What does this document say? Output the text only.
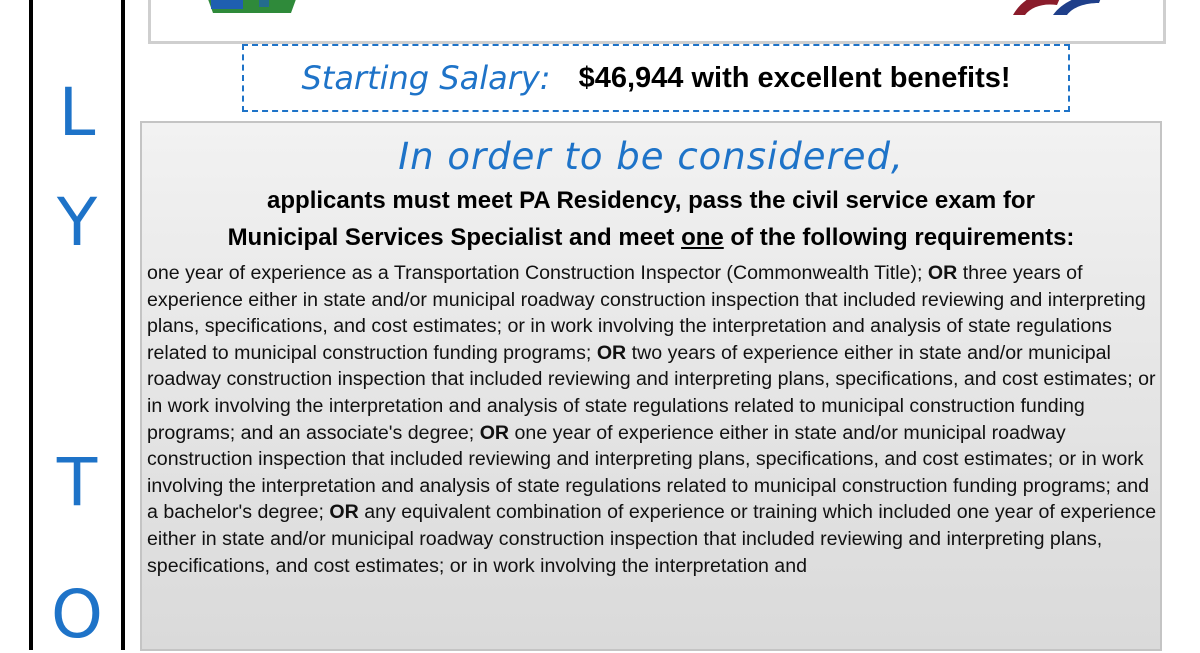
L
Y
T
O
Starting Salary: $46,944 with excellent benefits!
In order to be considered,
applicants must meet PA Residency, pass the civil service exam for
Municipal Services Specialist and meet one of the following requirements:
one year of experience as a Transportation Construction Inspector (Commonwealth Title); OR three years of experience either in state and/or municipal roadway construction inspection that included reviewing and interpreting plans, specifications, and cost estimates; or in work involving the interpretation and analysis of state regulations related to municipal construction funding programs; OR two years of experience either in state and/or municipal roadway construction inspection that included reviewing and interpreting plans, specifications, and cost estimates; or in work involving the interpretation and analysis of state regulations related to municipal construction funding programs; and an associate's degree; OR one year of experience either in state and/or municipal roadway construction inspection that included reviewing and interpreting plans, specifications, and cost estimates; or in work involving the interpretation and analysis of state regulations related to municipal construction funding programs; and a bachelor's degree; OR any equivalent combination of experience or training which included one year of experience either in state and/or municipal roadway construction inspection that included reviewing and interpreting plans, specifications, and cost estimates; or in work involving the interpretation and
